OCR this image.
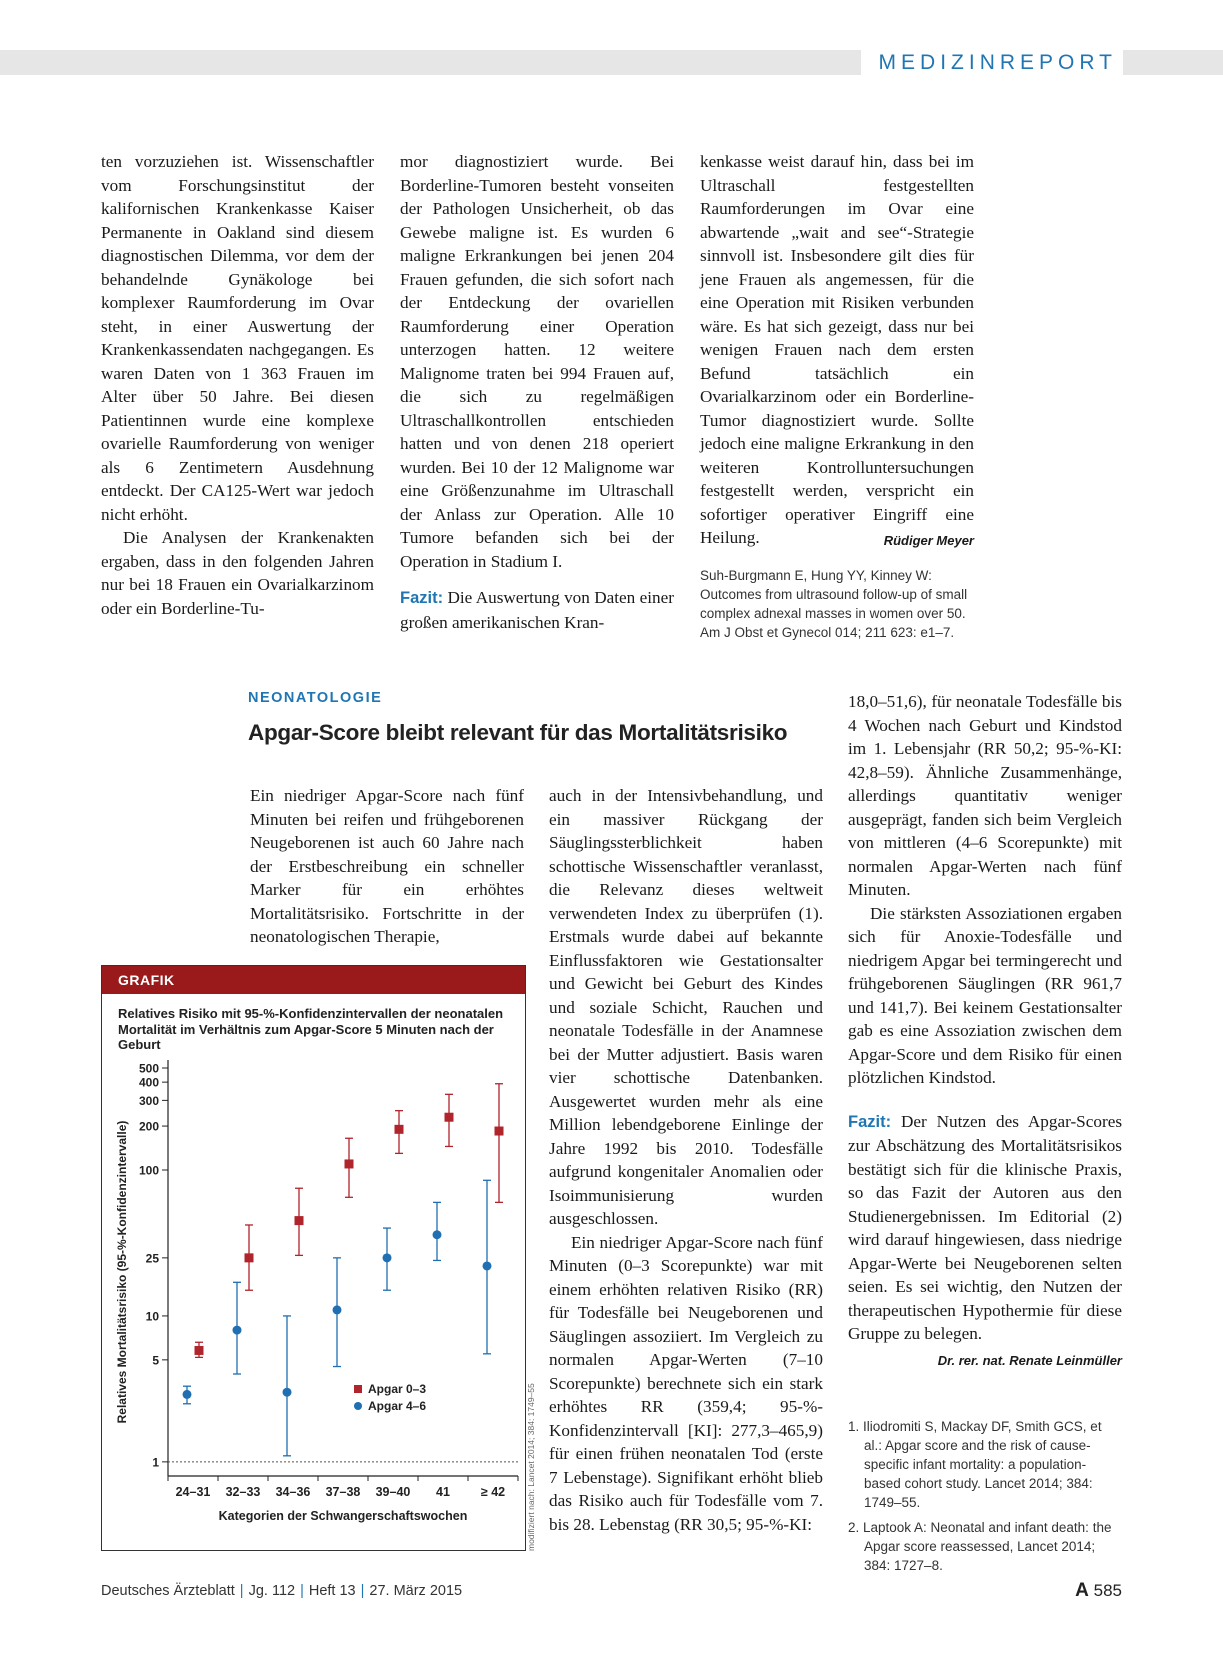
MEDIZINREPORT

ten vorzuziehen ist. Wissenschaftler vom Forschungsinstitut der kalifornischen Krankenkasse Kaiser Permanente in Oakland sind diesem diagnostischen Dilemma, vor dem der behandelnde Gynäkologe bei komplexer Raumforderung im Ovar steht, in einer Auswertung der Krankenkassendaten nachgegangen. Es waren Daten von 1 363 Frauen im Alter über 50 Jahre. Bei diesen Patientinnen wurde eine komplexe ovarielle Raumforderung von weniger als 6 Zentimetern Ausdehnung entdeckt. Der CA125-Wert war jedoch nicht erhöht.

Die Analysen der Krankenakten ergaben, dass in den folgenden Jahren nur bei 18 Frauen ein Ovarialkarzinom oder ein Borderline-Tu-

mor diagnostiziert wurde. Bei Borderline-Tumoren besteht vonseiten der Pathologen Unsicherheit, ob das Gewebe maligne ist. Es wurden 6 maligne Erkrankungen bei jenen 204 Frauen gefunden, die sich sofort nach der Entdeckung der ovariellen Raumforderung einer Operation unterzogen hatten. 12 weitere Malignome traten bei 994 Frauen auf, die sich zu regelmäßigen Ultraschallkontrollen entschieden hatten und von denen 218 operiert wurden. Bei 10 der 12 Malignome war eine Größenzunahme im Ultraschall der Anlass zur Operation. Alle 10 Tumore befanden sich bei der Operation in Stadium I.

Fazit: Die Auswertung von Daten einer großen amerikanischen Kran-

kenkasse weist darauf hin, dass bei im Ultraschall festgestellten Raumforderungen im Ovar eine abwartende „wait and see“-Strategie sinnvoll ist. Insbesondere gilt dies für jene Frauen als angemessen, für die eine Operation mit Risiken verbunden wäre. Es hat sich gezeigt, dass nur bei wenigen Frauen nach dem ersten Befund tatsächlich ein Ovarialkarzinom oder ein Borderline-Tumor diagnostiziert wurde. Sollte jedoch eine maligne Erkrankung in den weiteren Kontrolluntersuchungen festgestellt werden, verspricht ein sofortiger operativer Eingriff eine Heilung.	Rüdiger Meyer

Suh-Burgmann E, Hung YY, Kinney W: Outcomes from ultrasound follow-up of small complex adnexal masses in women over 50. Am J Obst et Gynecol 014; 211 623: e1–7.
NEONATOLOGIE
Apgar-Score bleibt relevant für das Mortalitätsrisiko

Ein niedriger Apgar-Score nach fünf Minuten bei reifen und frühgeborenen Neugeborenen ist auch 60 Jahre nach der Erstbeschreibung ein schneller Marker für ein erhöhtes Mortalitätsrisiko. Fortschritte in der neonatologischen Therapie,

auch in der Intensivbehandlung, und ein massiver Rückgang der Säuglingssterblichkeit haben schottische Wissenschaftler veranlasst, die Relevanz dieses weltweit verwendeten Index zu überprüfen (1). Erstmals wurde dabei auf bekannte Einflussfaktoren wie Gestationsalter und Gewicht bei Geburt des Kindes und soziale Schicht, Rauchen und neonatale Todesfälle in der Anamnese bei der Mutter adjustiert. Basis waren vier schottische Datenbanken. Ausgewertet wurden mehr als eine Million lebendgeborene Einlinge der Jahre 1992 bis 2010. Todesfälle aufgrund kongenitaler Anomalien oder Isoimmunisierung wurden ausgeschlossen.

Ein niedriger Apgar-Score nach fünf Minuten (0–3 Scorepunkte) war mit einem erhöhten relativen Risiko (RR) für Todesfälle bei Neugeborenen und Säuglingen assoziiert. Im Vergleich zu normalen Apgar-Werten (7–10 Scorepunkte) berechnete sich ein stark erhöhtes RR (359,4; 95-%-Konfidenzintervall [KI]: 277,3–465,9) für einen frühen neonatalen Tod (erste 7 Lebenstage). Signifikant erhöht blieb das Risiko auch für Todesfälle vom 7. bis 28. Lebenstag (RR 30,5; 95-%-KI:

18,0–51,6), für neonatale Todesfälle bis 4 Wochen nach Geburt und Kindstod im 1. Lebensjahr (RR 50,2; 95-%-KI: 42,8–59). Ähnliche Zusammenhänge, allerdings quantitativ weniger ausgeprägt, fanden sich beim Vergleich von mittleren (4–6 Scorepunkte) mit normalen Apgar-Werten nach fünf Minuten.

Die stärksten Assoziationen ergaben sich für Anoxie-Todesfälle und niedrigem Apgar bei termingerecht und frühgeborenen Säuglingen (RR 961,7 und 141,7). Bei keinem Gestationsalter gab es eine Assoziation zwischen dem Apgar-Score und dem Risiko für einen plötzlichen Kindstod.

Fazit: Der Nutzen des Apgar-Scores zur Abschätzung des Mortalitätsrisikos bestätigt sich für die klinische Praxis, so das Fazit der Autoren aus den Studienergebnissen. Im Editorial (2) wird darauf hingewiesen, dass niedrige Apgar-Werte bei Neugeborenen selten seien. Es sei wichtig, den Nutzen der therapeutischen Hypothermie für diese Gruppe zu belegen.
Dr. rer. nat. Renate Leinmüller

1. Iliodromiti S, Mackay DF, Smith GCS, et al.: Apgar score and the risk of cause-specific infant mortality: a population-based cohort study. Lancet 2014; 384: 1749–55.
2. Laptook A: Neonatal and infant death: the Apgar score reassessed, Lancet 2014; 384: 1727–8.
GRAFIK
Relatives Risiko mit 95-%-Konfidenzintervallen der neonatalen Mortalität im Verhältnis zum Apgar-Score 5 Minuten nach der Geburt
1
5
10
25
100
200
300
400
500
24–31 32–33 34–36 37–38 39–40 41 ≥ 42
Kategorien der Schwangerschaftswochen
Relatives Mortalitätsrisiko (95-%-Konfidenzintervalle)	Apgar 0–3
Apgar 4–6	modifiziert nach: Lancet 2014; 384: 1749–55
Deutsches Ärzteblatt | Jg. 112 | Heft 13 | 27. März 2015	A 585
